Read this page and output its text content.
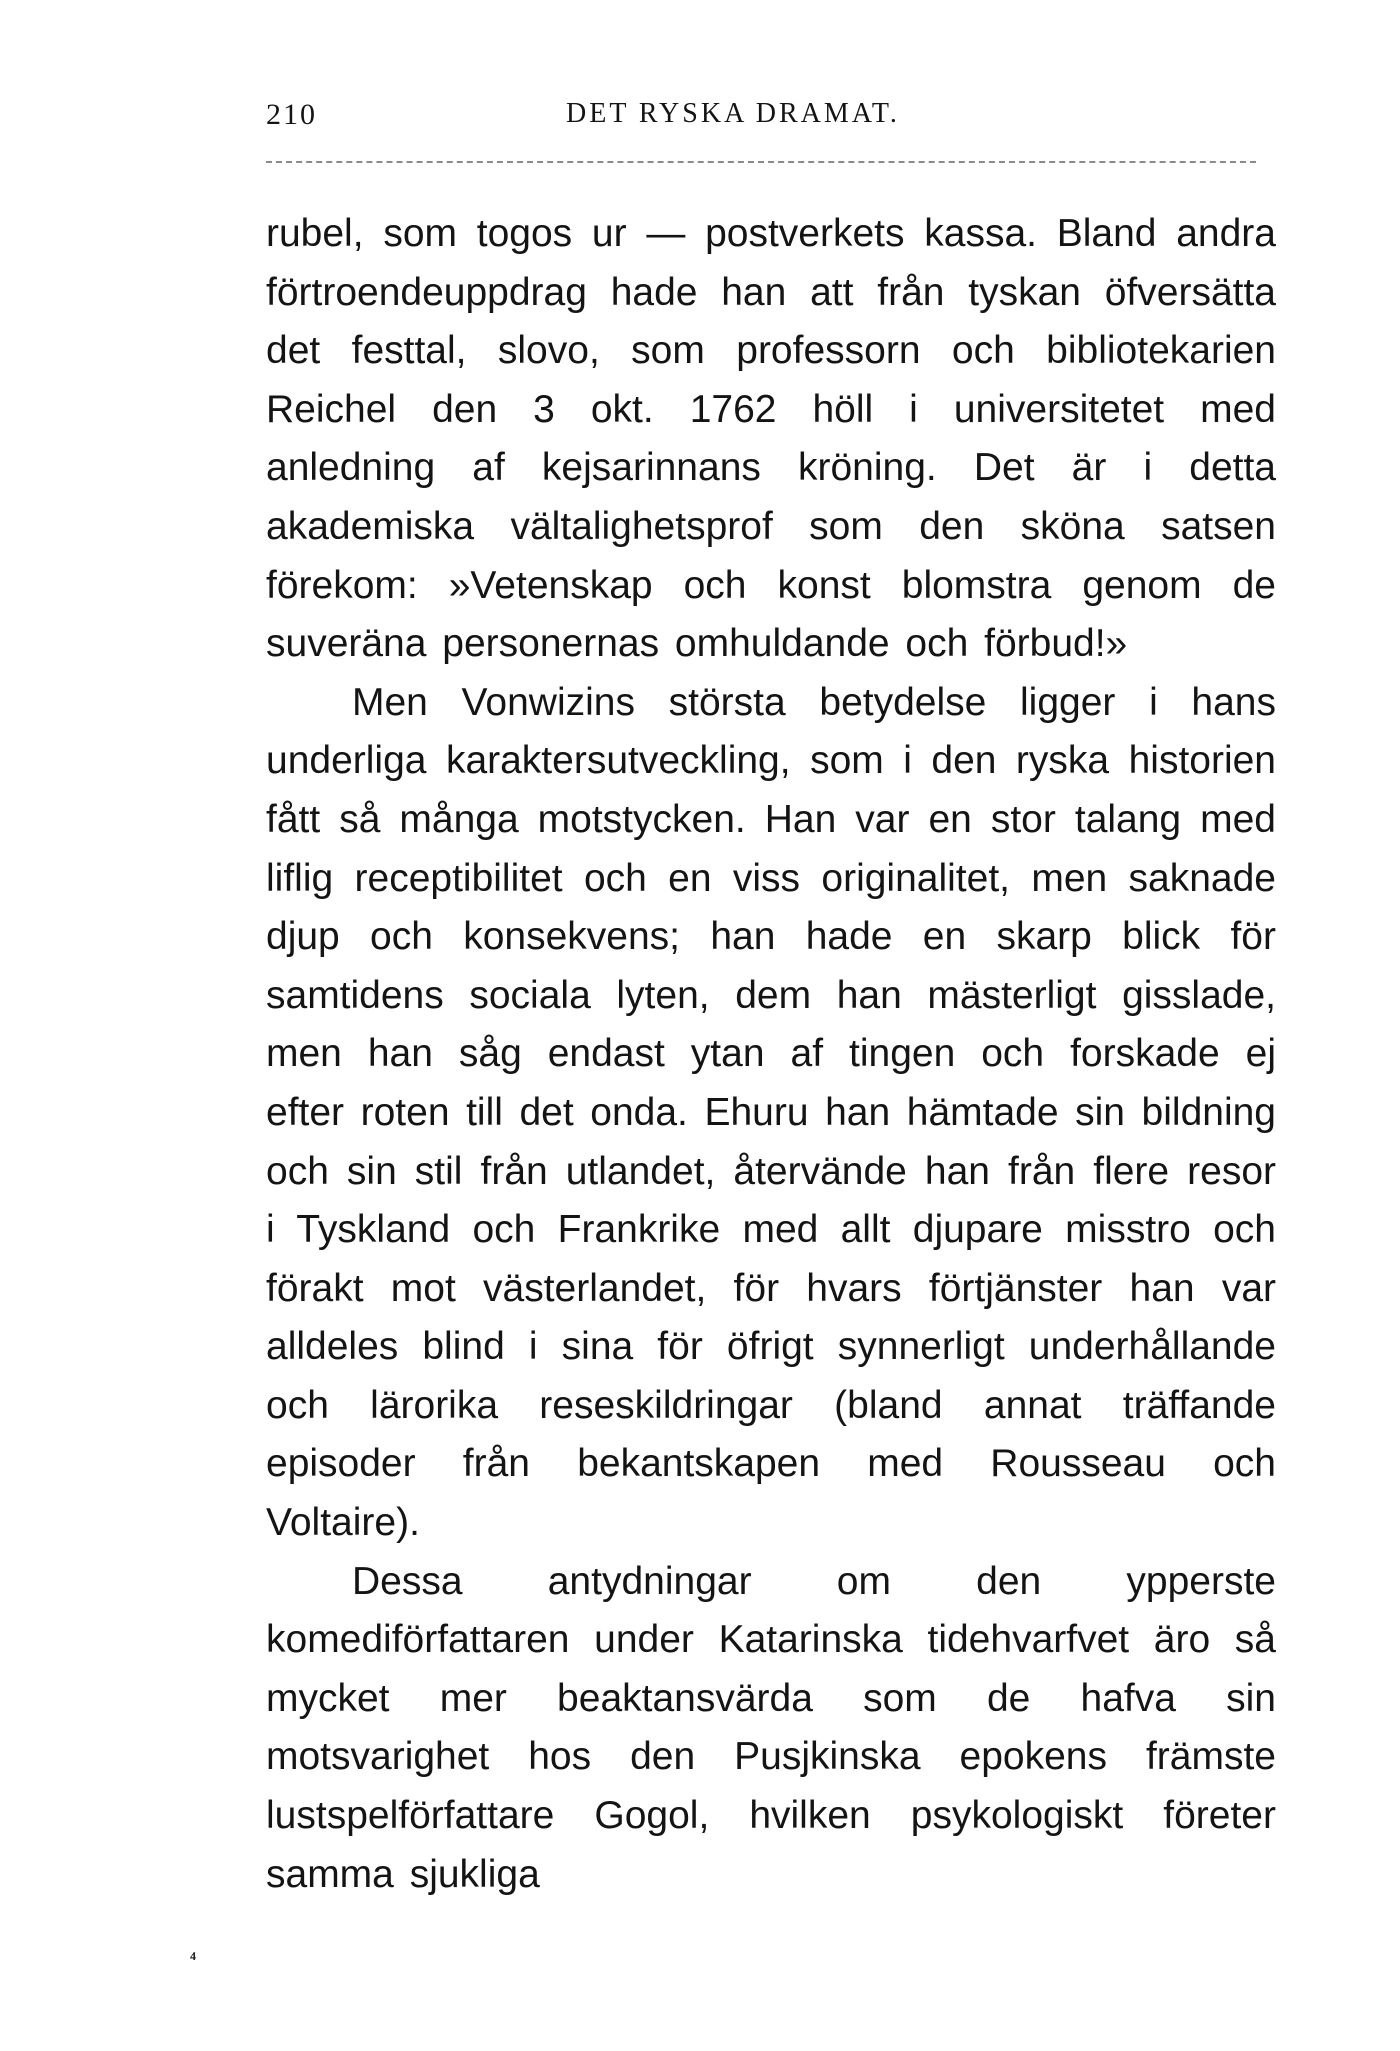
210	DET RYSKA DRAMAT.

rubel, som togos ur — postverkets kassa. Bland andra förtroendeuppdrag hade han att från tyskan öfversätta det festtal, slovo, som professorn och bibliotekarien Reichel den 3 okt. 1762 höll i universitetet med anledning af kejsarinnans kröning. Det är i detta akademiska vältalighetsprof som den sköna satsen förekom: »Vetenskap och konst blomstra genom de suveräna personernas omhuldande och förbud!»

Men Vonwizins största betydelse ligger i hans underliga karaktersutveckling, som i den ryska historien fått så många motstycken. Han var en stor talang med liflig receptibilitet och en viss originalitet, men saknade djup och konsekvens; han hade en skarp blick för samtidens sociala lyten, dem han mästerligt gisslade, men han såg endast ytan af tingen och forskade ej efter roten till det onda. Ehuru han hämtade sin bildning och sin stil från utlandet, återvände han från flere resor i Tyskland och Frankrike med allt djupare misstro och förakt mot västerlandet, för hvars förtjänster han var alldeles blind i sina för öfrigt synnerligt underhållande och lärorika reseskildringar (bland annat träffande episoder från bekantskapen med Rousseau och Voltaire).

Dessa antydningar om den ypperste komediförfattaren under Katarinska tidehvarfvet äro så mycket mer beaktansvärda som de hafva sin motsvarighet hos den Pusjkinska epokens främste lustspelförfattare Gogol, hvilken psykologiskt företer samma sjukliga

⁴
